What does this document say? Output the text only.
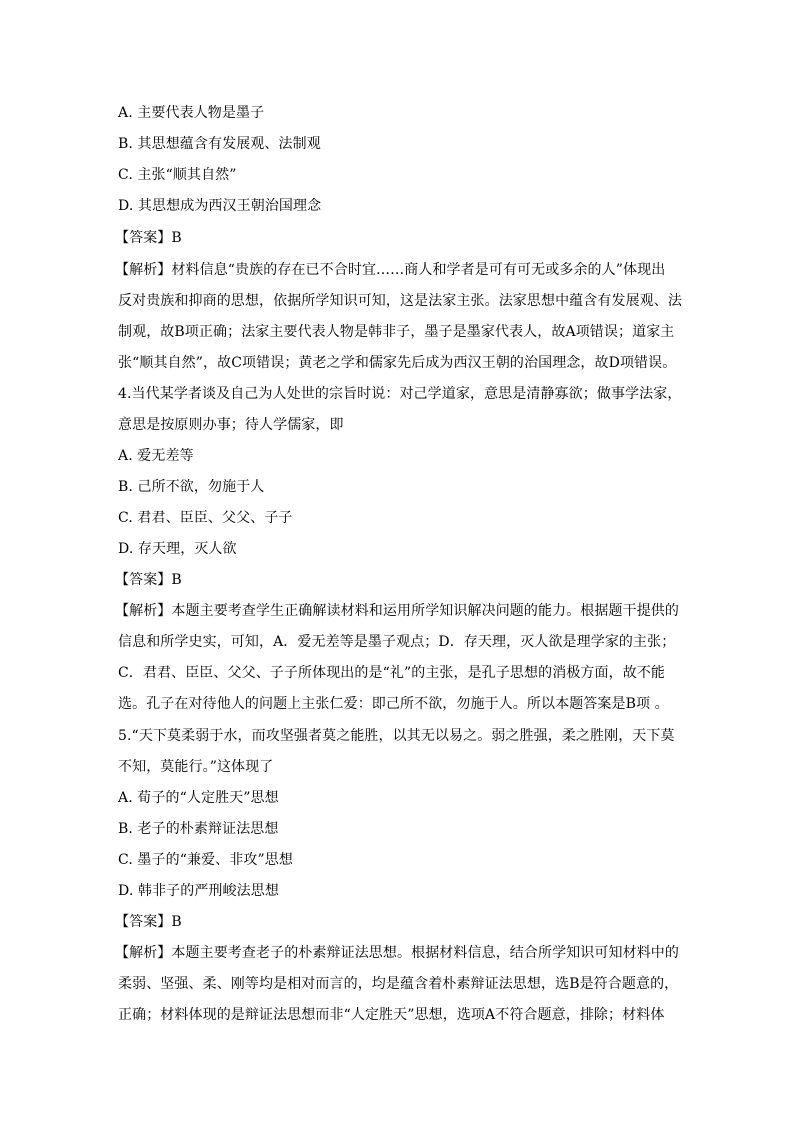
A. 主要代表人物是墨子
B. 其思想蕴含有发展观、法制观
C. 主张“顺其自然”
D. 其思想成为西汉王朝治国理念
【答案】B
【解析】材料信息“贵族的存在已不合时宜……商人和学者是可有可无或多余的人”体现出
反对贵族和抑商的思想，依据所学知识可知，这是法家主张。法家思想中蕴含有发展观、法
制观，故B项正确；法家主要代表人物是韩非子，墨子是墨家代表人，故A项错误；道家主
张“顺其自然”，故C项错误；黄老之学和儒家先后成为西汉王朝的治国理念，故D项错误。
4.当代某学者谈及自己为人处世的宗旨时说：对己学道家，意思是清静寡欲；做事学法家，
意思是按原则办事；待人学儒家，即
A. 爱无差等
B. 己所不欲，勿施于人
C. 君君、臣臣、父父、子子
D. 存天理，灭人欲
【答案】B
【解析】本题主要考查学生正确解读材料和运用所学知识解决问题的能力。根据题干提供的
信息和所学史实，可知，A．爱无差等是墨子观点；D．存天理，灭人欲是理学家的主张；
C．君君、臣臣、父父、子子所体现出的是“礼”的主张，是孔子思想的消极方面，故不能
选。孔子在对待他人的问题上主张仁爱：即己所不欲，勿施于人。所以本题答案是B项 。
5.“天下莫柔弱于水，而攻坚强者莫之能胜，以其无以易之。弱之胜强，柔之胜刚，天下莫
不知，莫能行。”这体现了
A. 荀子的“人定胜天”思想
B. 老子的朴素辩证法思想
C. 墨子的“兼爱、非攻”思想
D. 韩非子的严刑峻法思想
【答案】B
【解析】本题主要考查老子的朴素辩证法思想。根据材料信息，结合所学知识可知材料中的
柔弱、坚强、柔、刚等均是相对而言的，均是蕴含着朴素辩证法思想，选B是符合题意的，
正确；材料体现的是辩证法思想而非“人定胜天”思想，选项A不符合题意，排除；材料体
